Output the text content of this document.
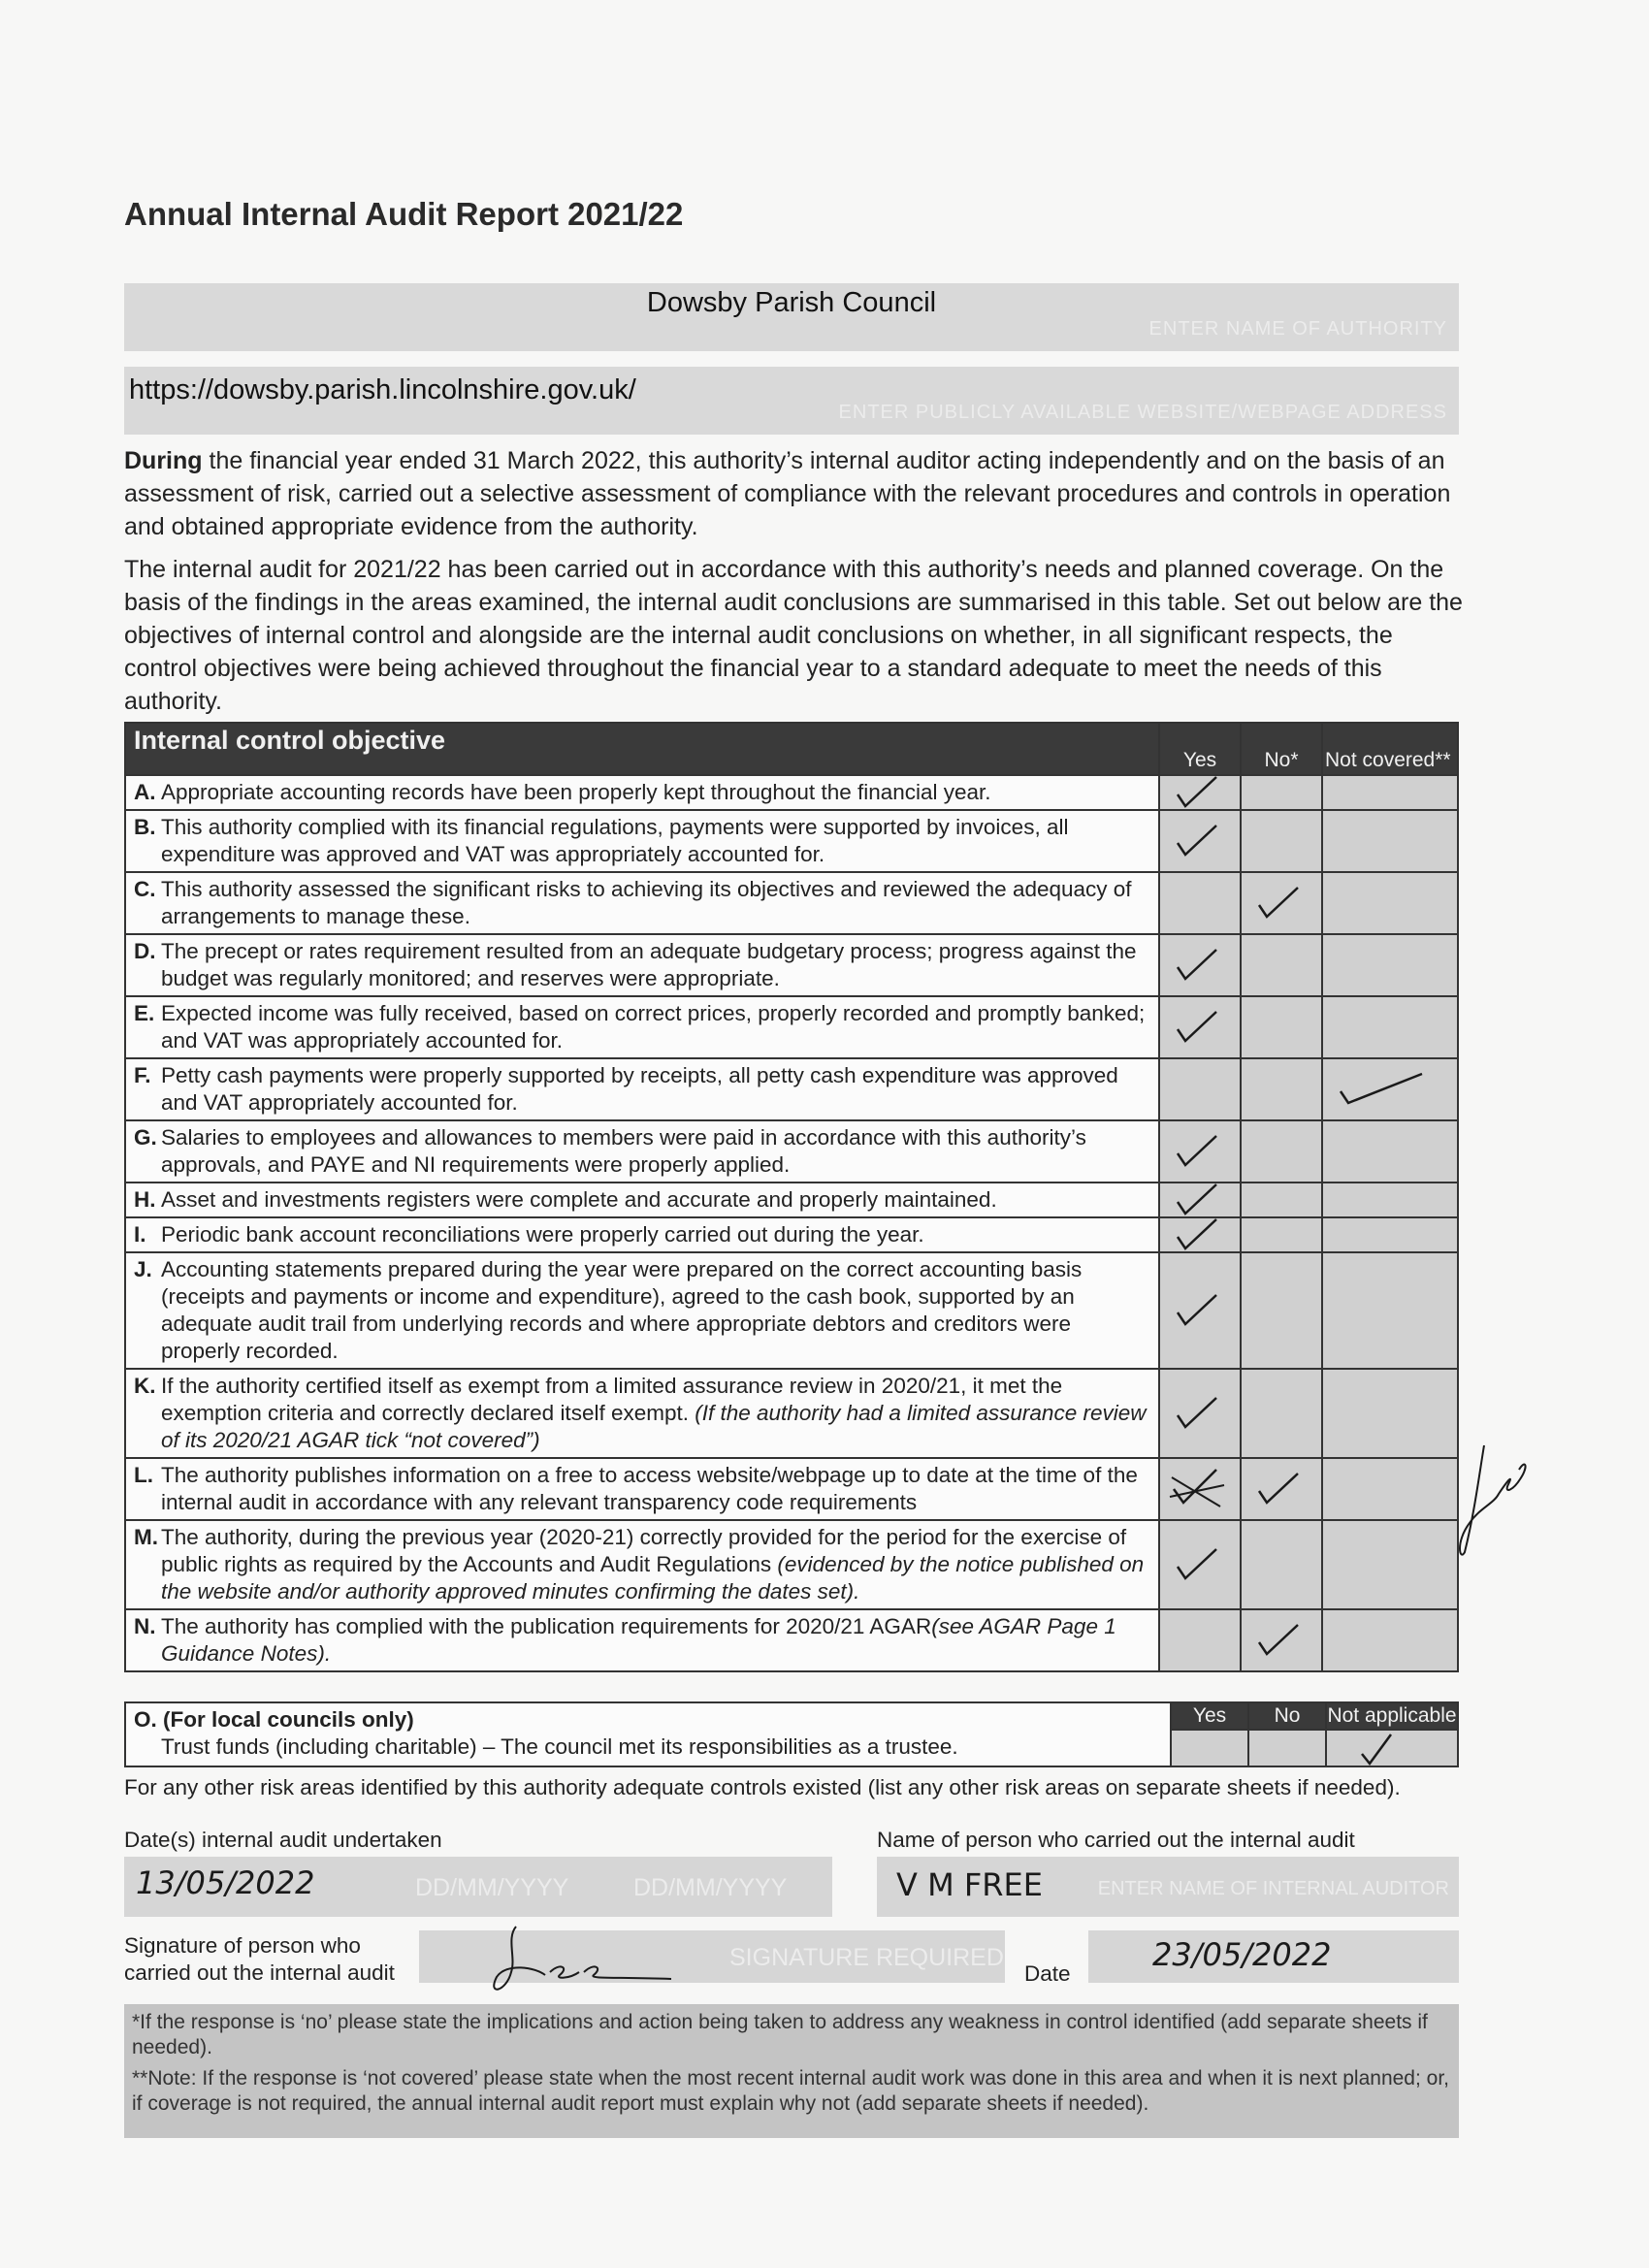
Annual Internal Audit Report 2021/22
Dowsby Parish Council
ENTER NAME OF AUTHORITY
https://dowsby.parish.lincolnshire.gov.uk/
ENTER PUBLICLY AVAILABLE WEBSITE/WEBPAGE ADDRESS
During the financial year ended 31 March 2022, this authority’s internal auditor acting independently and on the basis of an assessment of risk, carried out a selective assessment of compliance with the relevant procedures and controls in operation and obtained appropriate evidence from the authority.
The internal audit for 2021/22 has been carried out in accordance with this authority’s needs and planned coverage. On the basis of the findings in the areas examined, the internal audit conclusions are summarised in this table. Set out below are the objectives of internal control and alongside are the internal audit conclusions on whether, in all significant respects, the control objectives were being achieved throughout the financial year to a standard adequate to meet the needs of this authority.
Internal control objective	Yes	No*	Not covered**

A. Appropriate accounting records have been properly kept throughout the financial year.

B. This authority complied with its financial regulations, payments were supported by invoices, all expenditure was approved and VAT was appropriately accounted for.

C. This authority assessed the significant risks to achieving its objectives and reviewed the adequacy of arrangements to manage these.

D. The precept or rates requirement resulted from an adequate budgetary process; progress against the budget was regularly monitored; and reserves were appropriate.

E. Expected income was fully received, based on correct prices, properly recorded and promptly banked; and VAT was appropriately accounted for.

F. Petty cash payments were properly supported by receipts, all petty cash expenditure was approved and VAT appropriately accounted for.

G. Salaries to employees and allowances to members were paid in accordance with this authority’s approvals, and PAYE and NI requirements were properly applied.

H. Asset and investments registers were complete and accurate and properly maintained.

I. Periodic bank account reconciliations were properly carried out during the year.

J. Accounting statements prepared during the year were prepared on the correct accounting basis (receipts and payments or income and expenditure), agreed to the cash book, supported by an adequate audit trail from underlying records and where appropriate debtors and creditors were properly recorded.

K. If the authority certified itself as exempt from a limited assurance review in 2020/21, it met the exemption criteria and correctly declared itself exempt. (If the authority had a limited assurance review of its 2020/21 AGAR tick “not covered”)

L. The authority publishes information on a free to access website/webpage up to date at the time of the internal audit in accordance with any relevant transparency code requirements

M. The authority, during the previous year (2020-21) correctly provided for the period for the exercise of public rights as required by the Accounts and Audit Regulations (evidenced by the notice published on the website and/or authority approved minutes confirming the dates set).

N. The authority has complied with the publication requirements for 2020/21 AGAR(see AGAR Page 1 Guidance Notes).

O. (For local councils only)
Trust funds (including charitable) – The council met its responsibilities as a trustee.	Yes	No	Not applicable

For any other risk areas identified by this authority adequate controls existed (list any other risk areas on separate sheets if needed).
Date(s) internal audit undertaken
13/05/2022	DD/MM/YYYY	DD/MM/YYYY
Name of person who carried out the internal audit
V M FREE	ENTER NAME OF INTERNAL AUDITOR
Signature of person who
carried out the internal audit
SIGNATURE REQUIRED
Date
23/05/2022

*If the response is ‘no’ please state the implications and action being taken to address any weakness in control identified (add separate sheets if needed).

**Note: If the response is ‘not covered’ please state when the most recent internal audit work was done in this area and when it is next planned; or, if coverage is not required, the annual internal audit report must explain why not (add separate sheets if needed).
